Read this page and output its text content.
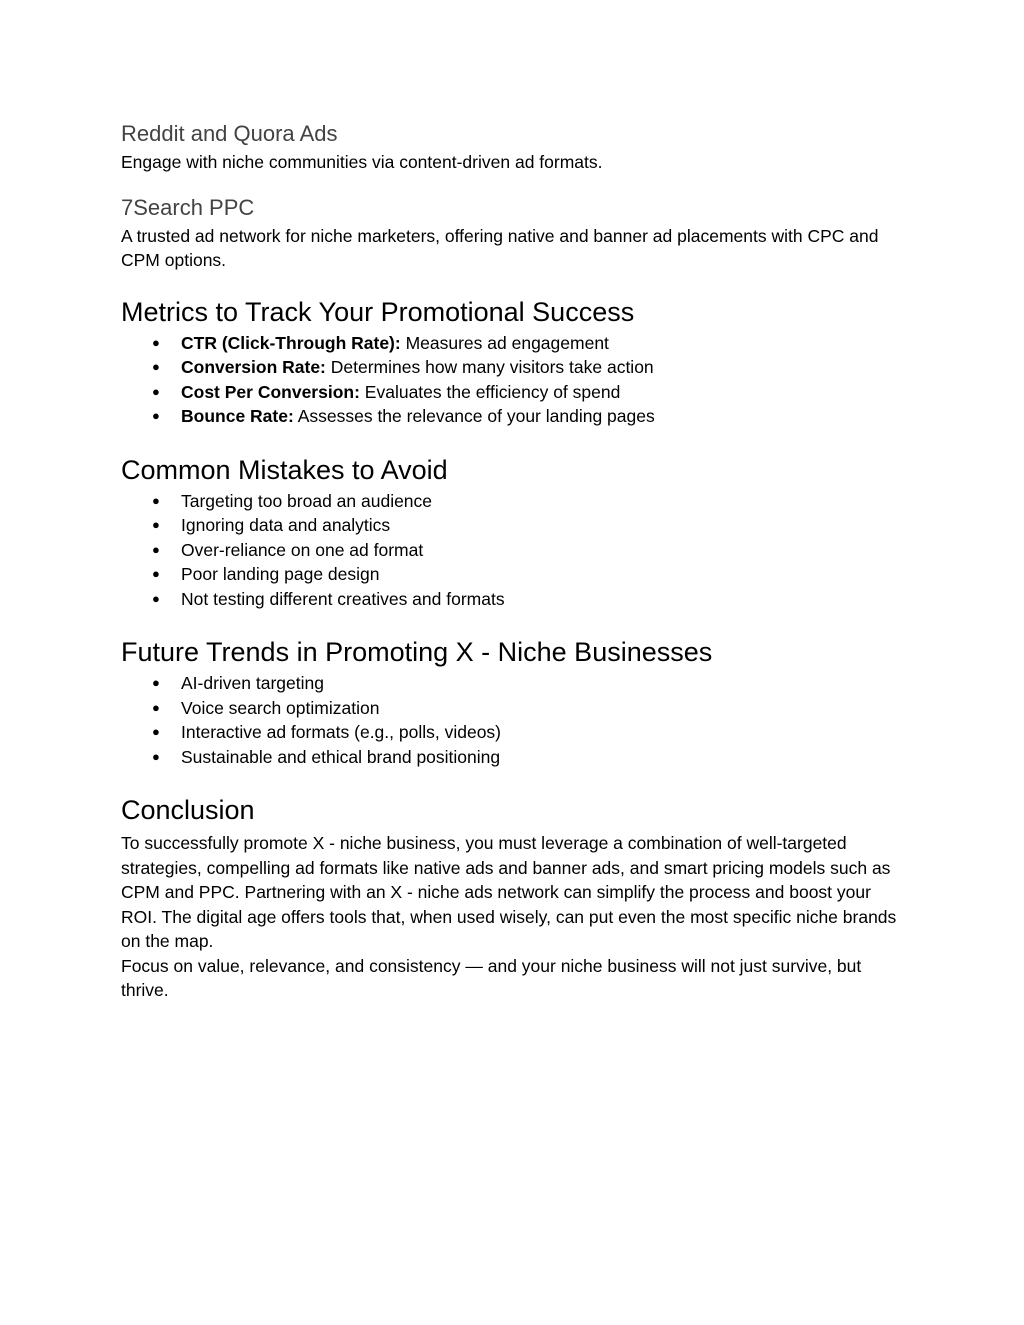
Reddit and Quora Ads

Engage with niche communities via content-driven ad formats.

7Search PPC

A trusted ad network for niche marketers, offering native and banner ad placements with CPC and CPM options.

Metrics to Track Your Promotional Success
● CTR (Click-Through Rate): Measures ad engagement
● Conversion Rate: Determines how many visitors take action
● Cost Per Conversion: Evaluates the efficiency of spend
● Bounce Rate: Assesses the relevance of your landing pages
Common Mistakes to Avoid
● Targeting too broad an audience
● Ignoring data and analytics
● Over-reliance on one ad format
● Poor landing page design
● Not testing different creatives and formats
Future Trends in Promoting X - Niche Businesses
● AI-driven targeting
● Voice search optimization
● Interactive ad formats (e.g., polls, videos)
● Sustainable and ethical brand positioning
Conclusion

To successfully promote X - niche business, you must leverage a combination of well-targeted strategies, compelling ad formats like native ads and banner ads, and smart pricing models such as CPM and PPC. Partnering with an X - niche ads network can simplify the process and boost your ROI. The digital age offers tools that, when used wisely, can put even the most specific niche brands on the map.

Focus on value, relevance, and consistency — and your niche business will not just survive, but thrive.
